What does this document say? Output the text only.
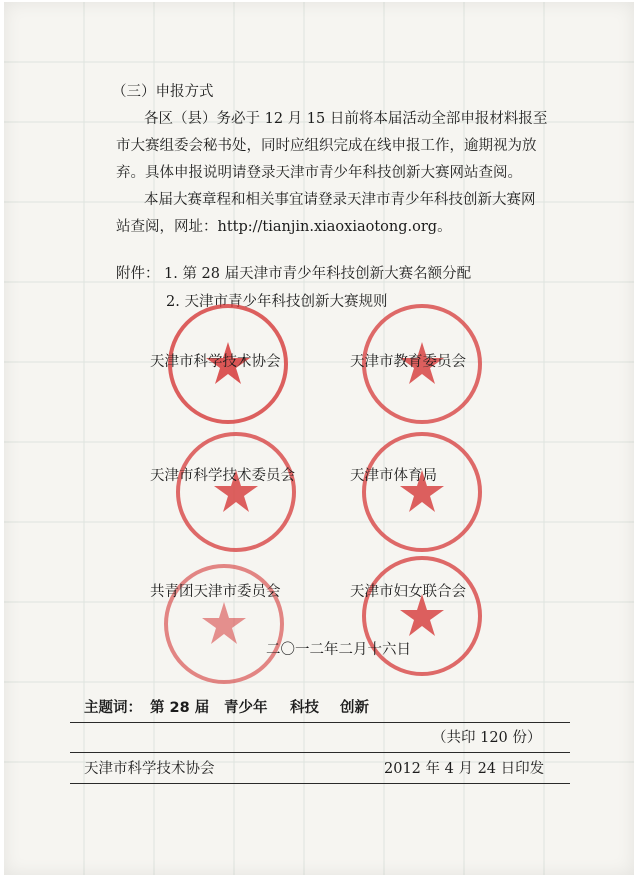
（三）申报方式
各区（县）务必于 12 月 15 日前将本届活动全部申报材料报至
市大赛组委会秘书处，同时应组织完成在线申报工作，逾期视为放
弃。具体申报说明请登录天津市青少年科技创新大赛网站查阅。
本届大赛章程和相关事宜请登录天津市青少年科技创新大赛网
站查阅，网址：http://tianjin.xiaoxiaotong.org。
附件： 1. 第 28 届天津市青少年科技创新大赛名额分配
2. 天津市青少年科技创新大赛规则
天津市科学技术协会	天津市教育委员会
天津市科学技术委员会	天津市体育局
共青团天津市委员会	天津市妇女联合会
二〇一二年二月十六日
主题词： 第 28 届 青少年 科技 创新
（共印 120 份）
天津市科学技术协会	2012 年 4 月 24 日印发
